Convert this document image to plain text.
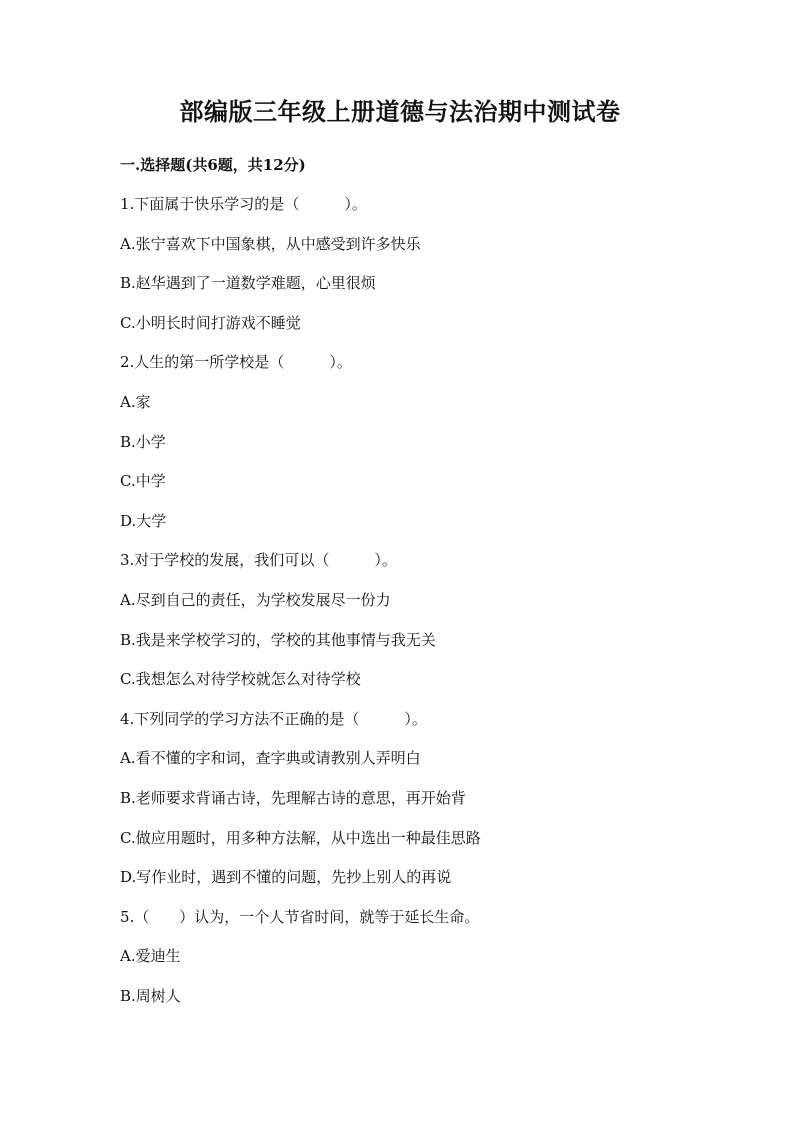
部编版三年级上册道德与法治期中测试卷
一.选择题(共6题，共12分)
1.下面属于快乐学习的是（　　　）。
A.张宁喜欢下中国象棋，从中感受到许多快乐
B.赵华遇到了一道数学难题，心里很烦
C.小明长时间打游戏不睡觉
2.人生的第一所学校是（　　　）。
A.家
B.小学
C.中学
D.大学
3.对于学校的发展，我们可以（　　　）。
A.尽到自己的责任，为学校发展尽一份力
B.我是来学校学习的，学校的其他事情与我无关
C.我想怎么对待学校就怎么对待学校
4.下列同学的学习方法不正确的是（　　　）。
A.看不懂的字和词，查字典或请教别人弄明白
B.老师要求背诵古诗，先理解古诗的意思，再开始背
C.做应用题时，用多种方法解，从中选出一种最佳思路
D.写作业时，遇到不懂的问题，先抄上别人的再说
5.（　　）认为，一个人节省时间，就等于延长生命。
A.爱迪生
B.周树人
